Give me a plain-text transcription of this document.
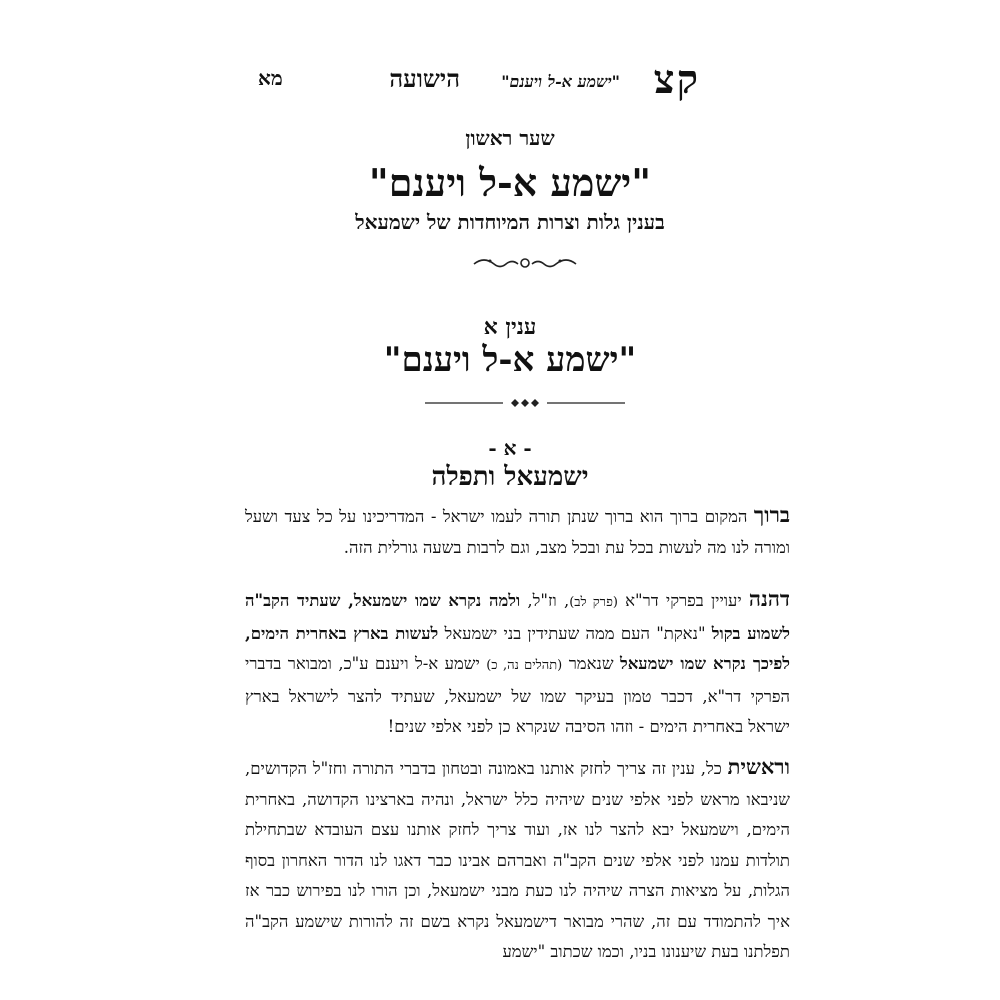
קצ
"ישמע א-ל ויענם"
הישועה
מא
שער ראשון
"ישמע א-ל ויענם"
בענין גלות וצרות המיוחדות של ישמעאל
ענין א
"ישמע א-ל ויענם"
- א -
ישמעאל ותפלה
ברוך המקום ברוך הוא ברוך שנתן תורה לעמו ישראל - המדריכינו על כל צעד ושעל ומורה לנו מה לעשות בכל עת ובכל מצב, וגם לרבות בשעה גורלית הזה.
דהנה יעויין בפרקי דר"א (פרק לב), וז"ל, ולמה נקרא שמו ישמעאל, שעתיד הקב"ה לשמוע בקול "נאקת" העם ממה שעתידין בני ישמעאל לעשות בארץ באחרית הימים, לפיכך נקרא שמו ישמעאל שנאמר (תהלים נה, כ) ישמע א-ל ויענם ע"כ, ומבואר בדברי הפרקי דר"א, דכבר טמון בעיקר שמו של ישמעאל, שעתיד להצר לישראל בארץ ישראל באחרית הימים - וזהו הסיבה שנקרא כן לפני אלפי שנים!
וראשית כל, ענין זה צריך לחזק אותנו באמונה ובטחון בדברי התורה וחז"ל הקדושים, שניבאו מראש לפני אלפי שנים שיהיה כלל ישראל, ונהיה בארצינו הקדושה, באחרית הימים, וישמעאל יבא להצר לנו אז, ועוד צריך לחזק אותנו עצם העובדא שבתחילת תולדות עמנו לפני אלפי שנים הקב"ה ואברהם אבינו כבר דאגו לנו הדור האחרון בסוף הגלות, על מציאות הצרה שיהיה לנו כעת מבני ישמעאל, וכן הורו לנו בפירוש כבר אז איך להתמודד עם זה, שהרי מבואר דישמעאל נקרא בשם זה להורות שישמע הקב"ה תפלתנו בעת שיענונו בניו, וכמו שכתוב "ישמע
